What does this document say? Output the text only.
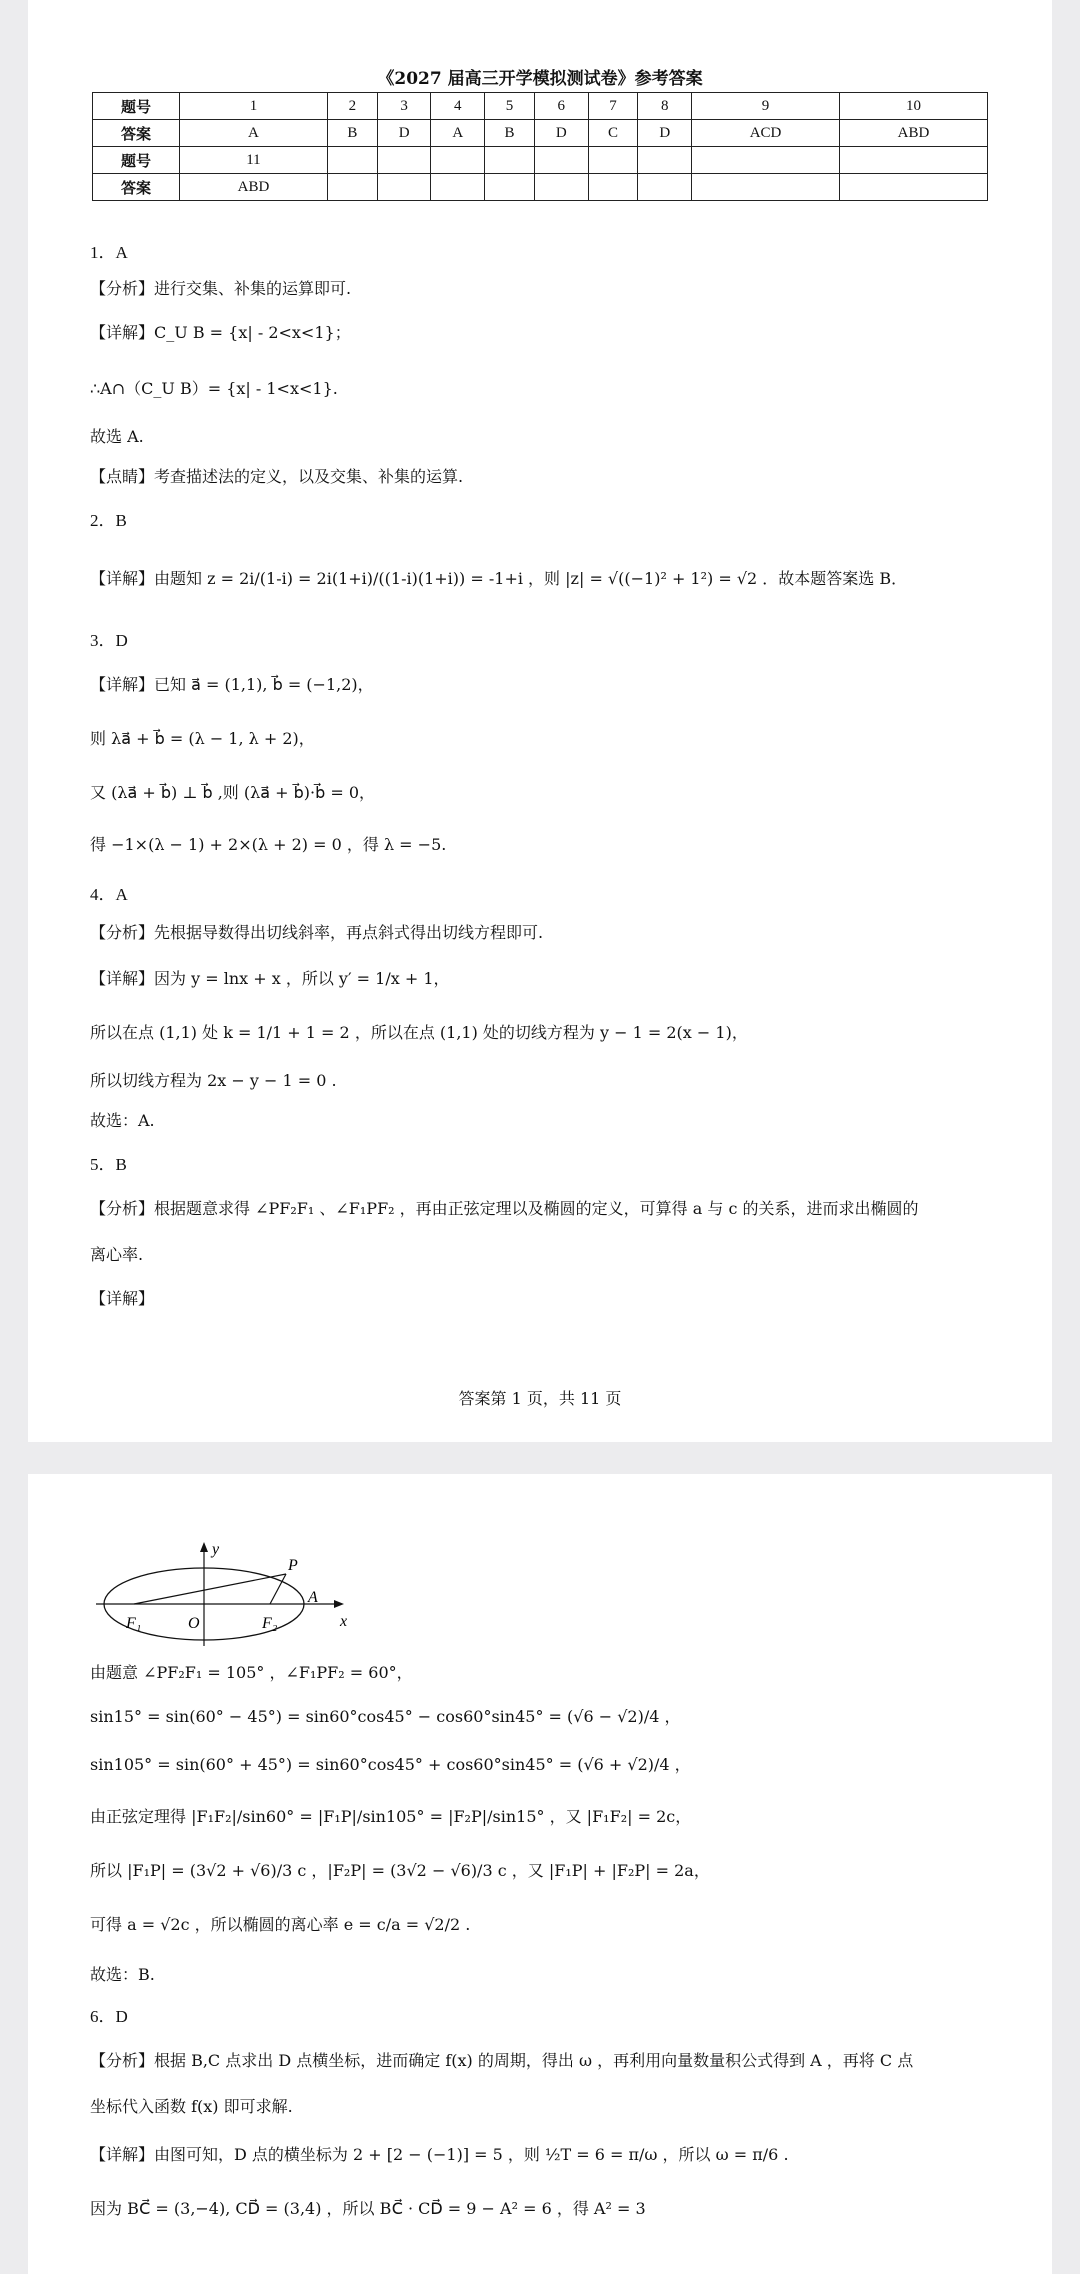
《2027 届高三开学模拟测试卷》参考答案
题号	1	2	3	4	5	6	7	8	9	10
答案	A	B	D	A	B	D	C	D	ACD	ABD
题号	11									
答案	ABD									
1．A
【分析】进行交集、补集的运算即可.
【详解】C_U B = {x| - 2<x<1}；
∴A∩（C_U B）= {x| - 1<x<1}.
故选 A.
【点睛】考查描述法的定义，以及交集、补集的运算.
2．B
【详解】由题知 z = 2i/(1-i) = 2i(1+i)/((1-i)(1+i)) = -1+i ，则 |z| = √((−1)² + 1²) = √2 ．故本题答案选 B．
3．D
【详解】已知 a⃗ = (1,1), b⃗ = (−1,2)，
则 λa⃗ + b⃗ = (λ − 1, λ + 2)，
又 (λa⃗ + b⃗) ⊥ b⃗ ,则 (λa⃗ + b⃗)·b⃗ = 0，
得 −1×(λ − 1) + 2×(λ + 2) = 0 ，得 λ = −5.
4．A
【分析】先根据导数得出切线斜率，再点斜式得出切线方程即可.
【详解】因为 y = lnx + x ，所以 y′ = 1/x + 1，
所以在点 (1,1) 处 k = 1/1 + 1 = 2 ，所以在点 (1,1) 处的切线方程为 y − 1 = 2(x − 1)，
所以切线方程为 2x − y − 1 = 0 .
故选：A.
5．B
【分析】根据题意求得 ∠PF₂F₁ 、∠F₁PF₂ ，再由正弦定理以及椭圆的定义，可算得 a 与 c 的关系，进而求出椭圆的
离心率.
【详解】
答案第 1 页，共 11 页
y
x
P
A
O
F₁	F₂
由题意 ∠PF₂F₁ = 105° ，∠F₁PF₂ = 60°，
sin15° = sin(60° − 45°) = sin60°cos45° − cos60°sin45° = (√6 − √2)/4 ，
sin105° = sin(60° + 45°) = sin60°cos45° + cos60°sin45° = (√6 + √2)/4 ，
由正弦定理得 |F₁F₂|/sin60° = |F₁P|/sin105° = |F₂P|/sin15° ，又 |F₁F₂| = 2c，
所以 |F₁P| = (3√2 + √6)/3 c ，|F₂P| = (3√2 − √6)/3 c ，又 |F₁P| + |F₂P| = 2a，
可得 a = √2c ，所以椭圆的离心率 e = c/a = √2/2 .
故选：B.
6．D
【分析】根据 B,C 点求出 D 点横坐标，进而确定 f(x) 的周期，得出 ω ，再利用向量数量积公式得到 A ，再将 C 点
坐标代入函数 f(x) 即可求解.
【详解】由图可知，D 点的横坐标为 2 + [2 − (−1)] = 5 ，则 ½T = 6 = π/ω ，所以 ω = π/6 .
因为 BC⃗ = (3,−4), CD⃗ = (3,4) ，所以 BC⃗ · CD⃗ = 9 − A² = 6 ，得 A² = 3
